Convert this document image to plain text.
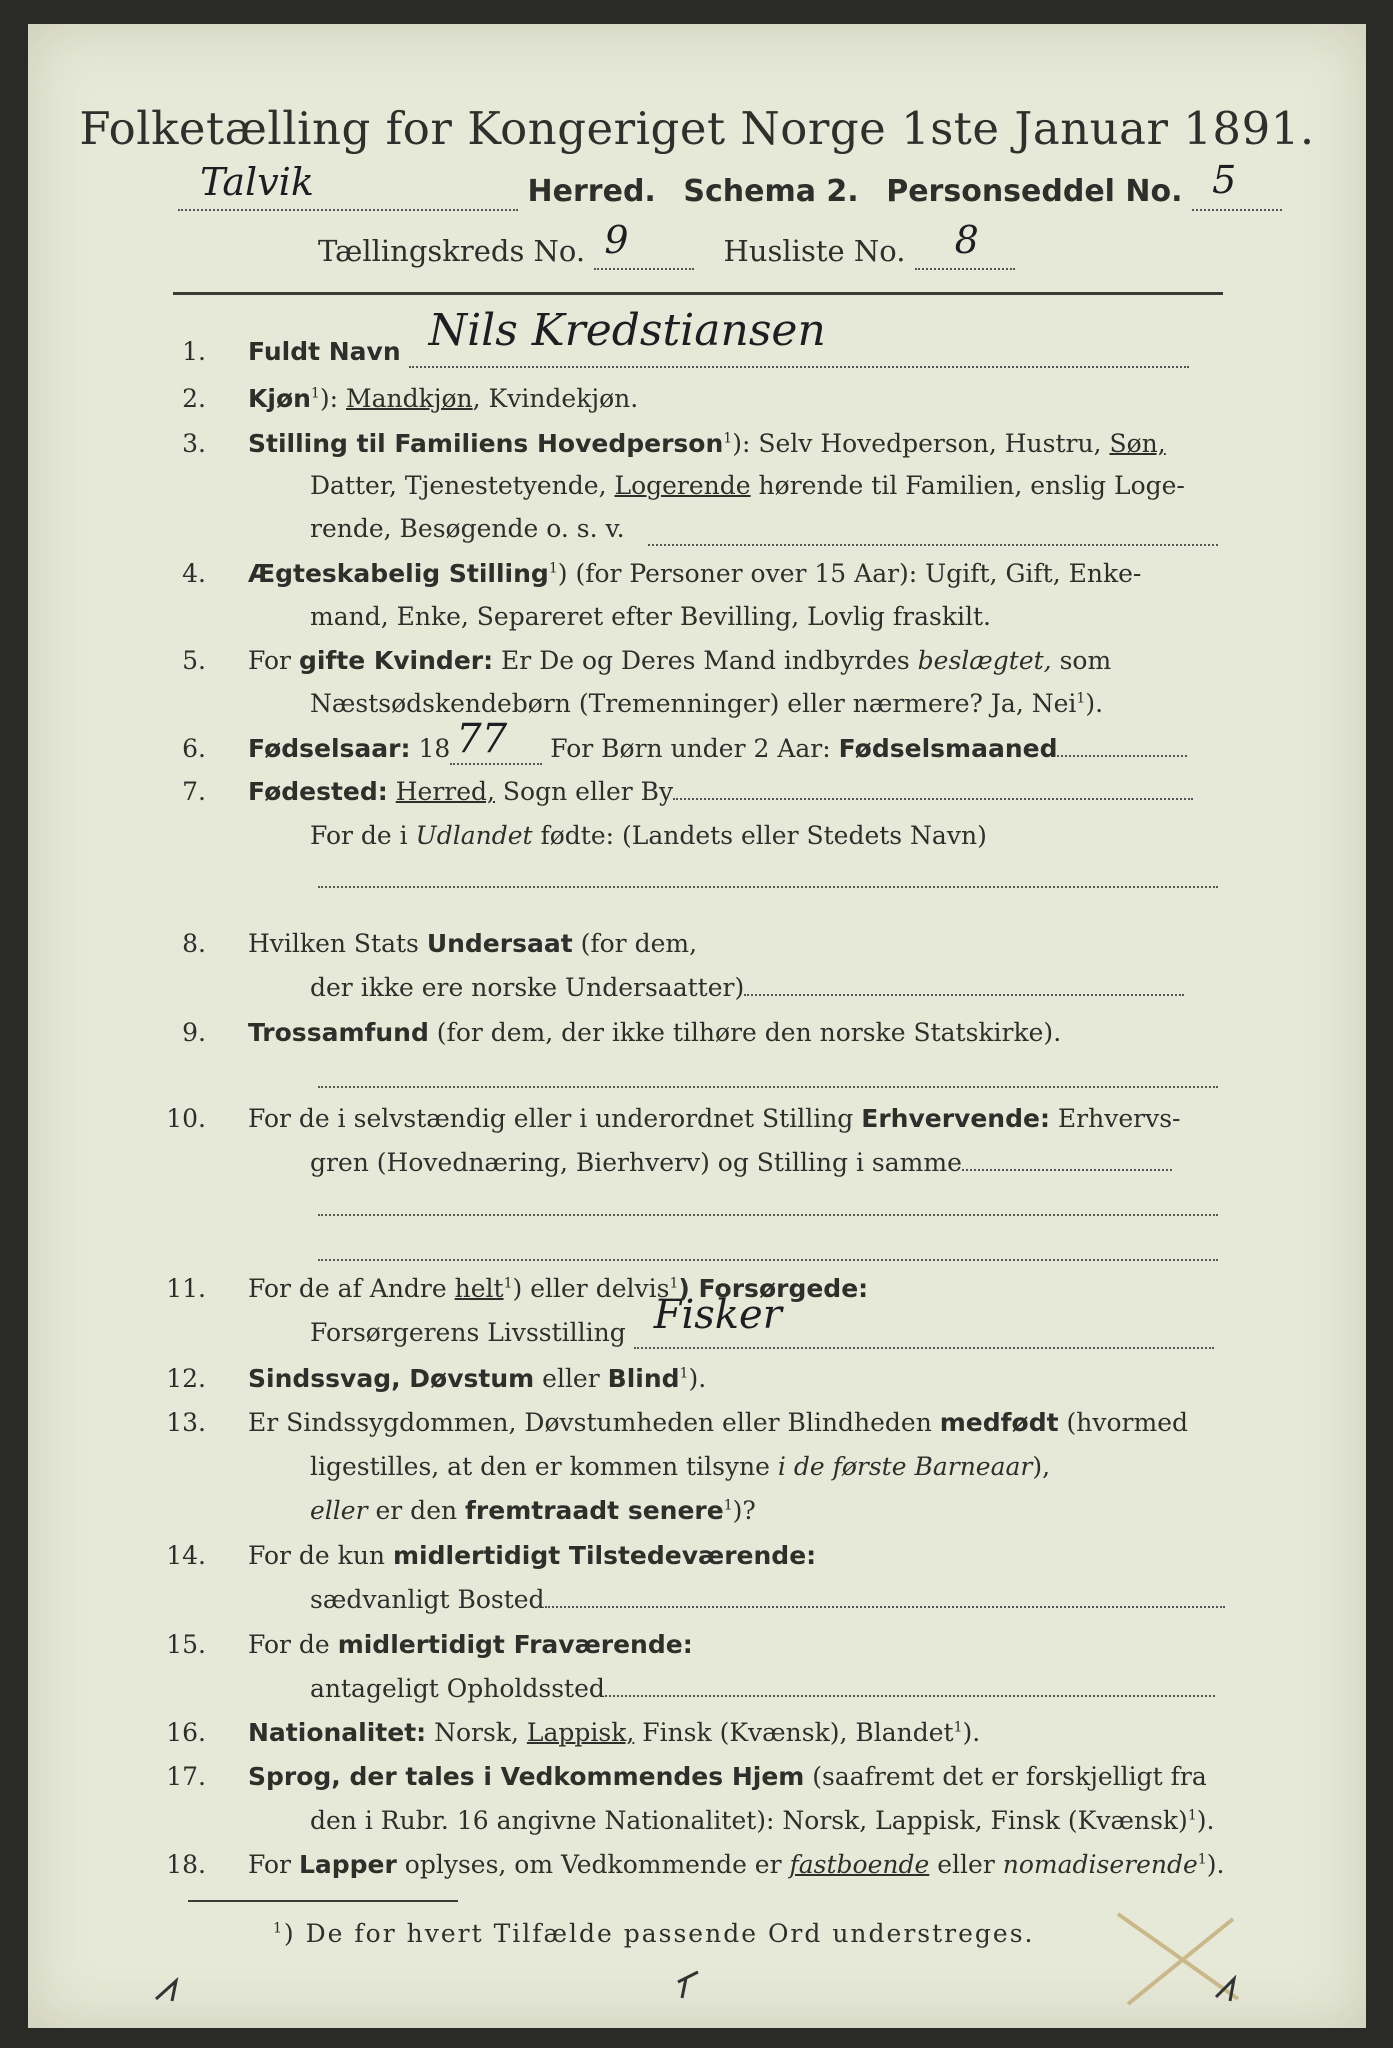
Folketælling for Kongeriget Norge 1ste Januar 1891.
Talvik	Herred. Schema 2. Personseddel No. 5

Tællingskreds No. 9	Husliste No. 8

1. Fuldt Navn Nils Kredstiansen

2. Kjøn$^1$): Mandkjøn, Kvindekjøn.
3. Stilling til Familiens Hovedperson$^1$): Selv Hovedperson, Hustru, Søn,
Datter, Tjenestetyende, Logerende hørende til Familien, enslig Loge-
rende, Besøgende o. s. v.
4. Ægteskabelig Stilling$^1$) (for Personer over 15 Aar): Ugift, Gift, Enke-
mand, Enke, Separeret efter Bevilling, Lovlig fraskilt.
5. For gifte Kvinder: Er De og Deres Mand indbyrdes beslægtet, som
Næstsødskendebørn (Tremenninger) eller nærmere? Ja, Nei$^1$).
6. Fødselsaar: 18 77 For Børn under 2 Aar: Fødselsmaaned
7. Fødested: Herred, Sogn eller By
For de i Udlandet fødte: (Landets eller Stedets Navn)
8. Hvilken Stats Undersaat (for dem,
der ikke ere norske Undersaatter)
9. Trossamfund (for dem, der ikke tilhøre den norske Statskirke).
10. For de i selvstændig eller i underordnet Stilling Erhvervende: Erhvervs-
gren (Hovednæring, Bierhverv) og Stilling i samme
11. For de af Andre helt$^1$) eller delvis$^1$) Forsørgede:
Forsørgerens Livsstilling Fisker

12. Sindssvag, Døvstum eller Blind$^1$).
13. Er Sindssygdommen, Døvstumheden eller Blindheden medfødt (hvormed
ligestilles, at den er kommen tilsyne i de første Barneaar),
eller er den fremtraadt senere$^1$)?
14. For de kun midlertidigt Tilstedeværende:
sædvanligt Bosted
15. For de midlertidigt Fraværende:
antageligt Opholdssted
16. Nationalitet: Norsk, Lappisk, Finsk (Kvænsk), Blandet$^1$).
17. Sprog, der tales i Vedkommendes Hjem (saafremt det er forskjelligt fra
den i Rubr. 16 angivne Nationalitet): Norsk, Lappisk, Finsk (Kvænsk)$^1$).
18. For Lapper oplyses, om Vedkommende er fastboende eller nomadiserende$^1$).
$^1$) De for hvert Tilfælde passende Ord understreges.
